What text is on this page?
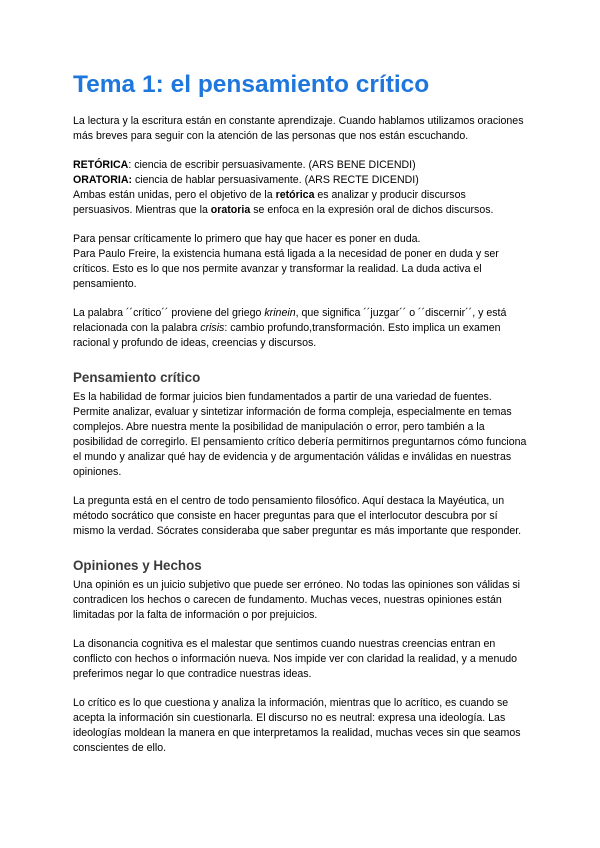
Tema 1: el pensamiento crítico

La lectura y la escritura están en constante aprendizaje. Cuando hablamos utilizamos oraciones más breves para seguir con la atención de las personas que nos están escuchando.

RETÓRICA: ciencia de escribir persuasivamente. (ARS BENE DICENDI)

ORATORIA: ciencia de hablar persuasivamente. (ARS RECTE DICENDI)

Ambas están unidas, pero el objetivo de la retórica es analizar y producir discursos persuasivos. Mientras que la oratoria se enfoca en la expresión oral de dichos discursos.

Para pensar críticamente lo primero que hay que hacer es poner en duda.

Para Paulo Freire, la existencia humana está ligada a la necesidad de poner en duda y ser críticos. Esto es lo que nos permite avanzar y transformar la realidad. La duda activa el pensamiento.

La palabra ´´crítico´´ proviene del griego krinein, que significa ´´juzgar´´ o ´´discernir´´, y está relacionada con la palabra crisis: cambio profundo,transformación. Esto implica un examen racional y profundo de ideas, creencias y discursos.

Pensamiento crítico

Es la habilidad de formar juicios bien fundamentados a partir de una variedad de fuentes. Permite analizar, evaluar y sintetizar información de forma compleja, especialmente en temas complejos. Abre nuestra mente la posibilidad de manipulación o error, pero también a la posibilidad de corregirlo. El pensamiento crítico debería permitirnos preguntarnos cómo funciona el mundo y analizar qué hay de evidencia y de argumentación válidas e inválidas en nuestras opiniones.

La pregunta está en el centro de todo pensamiento filosófico. Aquí destaca la Mayéutica, un método socrático que consiste en hacer preguntas para que el interlocutor descubra por sí mismo la verdad. Sócrates consideraba que saber preguntar es más importante que responder.

Opiniones y Hechos

Una opinión es un juicio subjetivo que puede ser erróneo. No todas las opiniones son válidas si contradicen los hechos o carecen de fundamento. Muchas veces, nuestras opiniones están limitadas por la falta de información o por prejuicios.

La disonancia cognitiva es el malestar que sentimos cuando nuestras creencias entran en conflicto con hechos o información nueva. Nos impide ver con claridad la realidad, y a menudo preferimos negar lo que contradice nuestras ideas.

Lo crítico es lo que cuestiona y analiza la información, mientras que lo acrítico, es cuando se acepta la información sin cuestionarla. El discurso no es neutral: expresa una ideología. Las ideologías moldean la manera en que interpretamos la realidad, muchas veces sin que seamos conscientes de ello.
